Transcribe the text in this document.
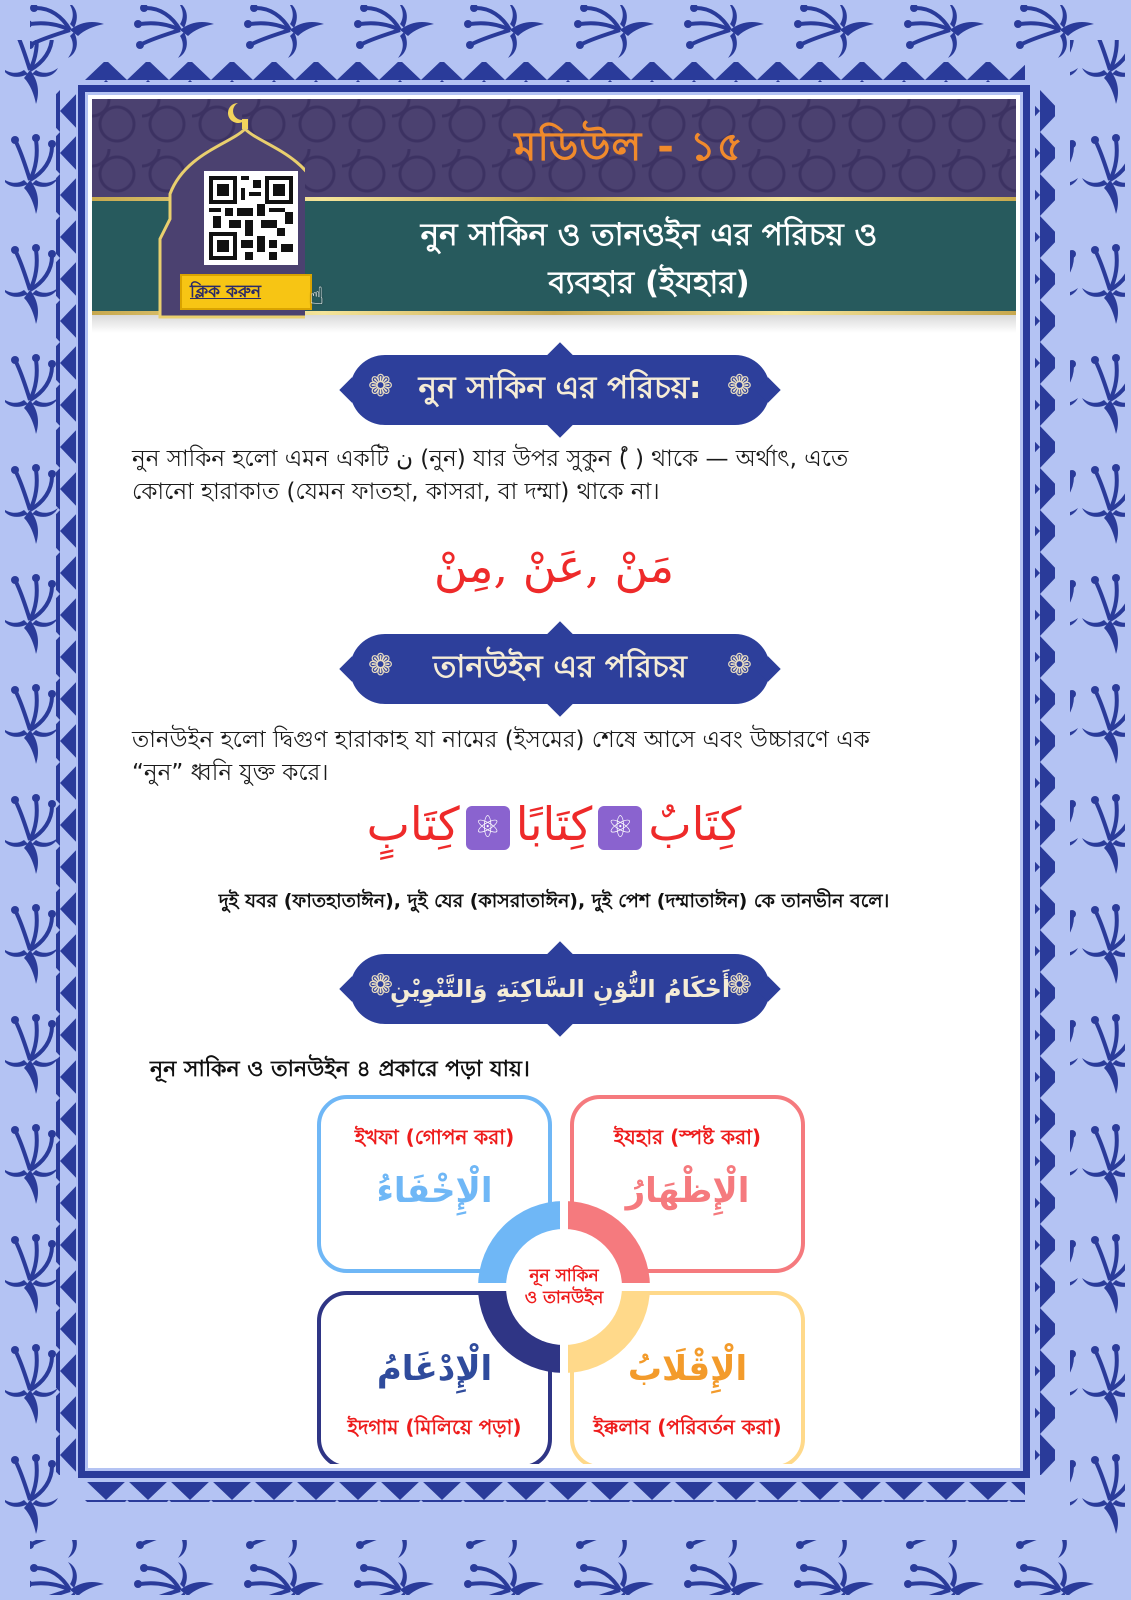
মডিউল - ১৫
নুন সাকিন ও তানওইন এর পরিচয় ও
ব্যবহার (ইযহার)
ক্লিক করুন ☝
❁ নুন সাকিন এর পরিচয়: ❁
নুন সাকিন হলো এমন একটি ن (নুন) যার উপর সুকুন (ْ ) থাকে — অর্থাৎ, এতে
কোনো হারাকাত (যেমন ফাতহা, কাসরা, বা দম্মা) থাকে না।
مَنْ ,عَنْ ,مِنْ
❁ তানউইন এর পরিচয় ❁
তানউইন হলো দ্বিগুণ হারাকাহ যা নামের (ইসমের) শেষে আসে এবং উচ্চারণে এক
“নুন” ধ্বনি যুক্ত করে।
كِتَابٌ⚛كِتَابًا⚛كِتَابٍ
দুই যবর (ফাতহাতাঈন), দুই যের (কাসরাতাঈন), দুই পেশ (দম্মাতাঈন) কে তানভীন বলে।
❁
أَحْكَامُ النُّوْنِ السَّاكِنَةِ وَالتَّنْوِيْنِ
❁
নূন সাকিন ও তানউইন ৪ প্রকারে পড়া যায়।
ইখফা (গোপন করা)
الْإِخْفَاءُ
ইযহার (স্পষ্ট করা)
الْإِظْهَارُ
الْإِدْغَامُ
ইদগাম (মিলিয়ে পড়া)
الْإِقْلَابُ
ইক্কলাব (পরিবর্তন করা)
নূন সাকিন
ও তানউইন
